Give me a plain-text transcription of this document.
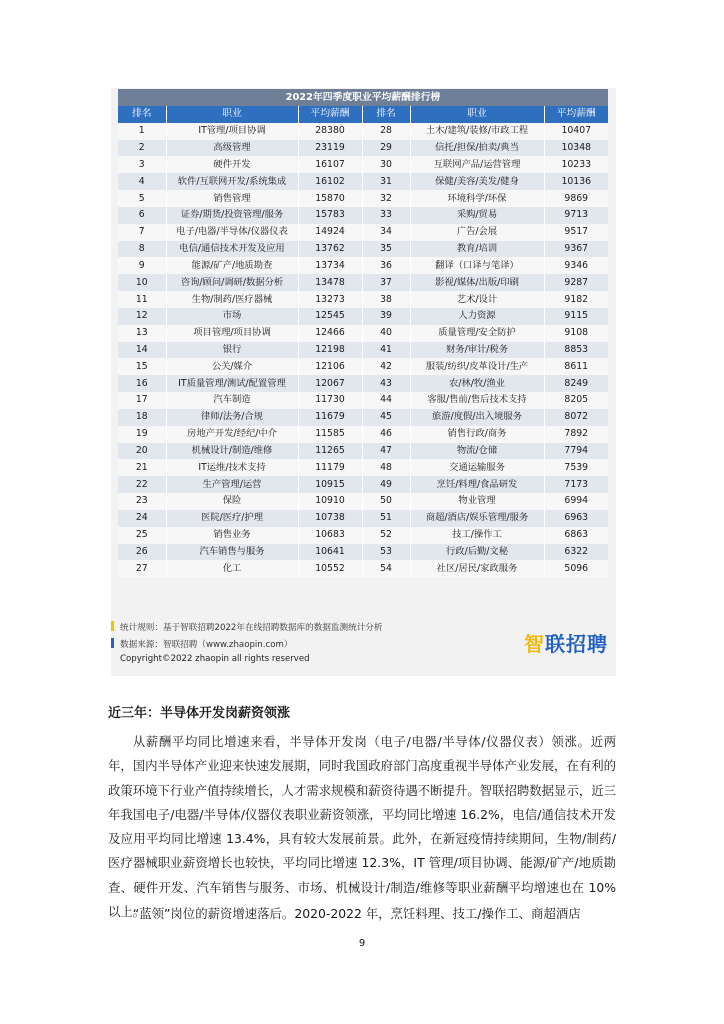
2022年四季度职业平均薪酬排行榜
排名	职业	平均薪酬	排名	职业	平均薪酬
1	IT管理/项目协调	28380	28	土木/建筑/装修/市政工程	10407
2	高级管理	23119	29	信托/担保/拍卖/典当	10348
3	硬件开发	16107	30	互联网产品/运营管理	10233
4	软件/互联网开发/系统集成	16102	31	保健/美容/美发/健身	10136
5	销售管理	15870	32	环境科学/环保	9869
6	证券/期货/投资管理/服务	15783	33	采购/贸易	9713
7	电子/电器/半导体/仪器仪表	14924	34	广告/会展	9517
8	电信/通信技术开发及应用	13762	35	教育/培训	9367
9	能源/矿产/地质勘查	13734	36	翻译（口译与笔译）	9346
10	咨询/顾问/调研/数据分析	13478	37	影视/媒体/出版/印刷	9287
11	生物/制药/医疗器械	13273	38	艺术/设计	9182
12	市场	12545	39	人力资源	9115
13	项目管理/项目协调	12466	40	质量管理/安全防护	9108
14	银行	12198	41	财务/审计/税务	8853
15	公关/媒介	12106	42	服装/纺织/皮革设计/生产	8611
16	IT质量管理/测试/配置管理	12067	43	农/林/牧/渔业	8249
17	汽车制造	11730	44	客服/售前/售后技术支持	8205
18	律师/法务/合规	11679	45	旅游/度假/出入境服务	8072
19	房地产开发/经纪/中介	11585	46	销售行政/商务	7892
20	机械设计/制造/维修	11265	47	物流/仓储	7794
21	IT运维/技术支持	11179	48	交通运输服务	7539
22	生产管理/运营	10915	49	烹饪/料理/食品研发	7173
23	保险	10910	50	物业管理	6994
24	医院/医疗/护理	10738	51	商超/酒店/娱乐管理/服务	6963
25	销售业务	10683	52	技工/操作工	6863
26	汽车销售与服务	10641	53	行政/后勤/文秘	6322
27	化工	10552	54	社区/居民/家政服务	5096
统计规则：基于智联招聘2022年在线招聘数据库的数据监测统计分析
数据来源：智联招聘（www.zhaopin.com）	智联招聘
Copyright©2022 zhaopin all rights reserved
近三年：半导体开发岗薪资领涨

从薪酬平均同比增速来看，半导体开发岗（电子/电器/半导体/仪器仪表）领涨。近两年，国内半导体产业迎来快速发展期，同时我国政府部门高度重视半导体产业发展，在有利的政策环境下行业产值持续增长，人才需求规模和薪资待遇不断提升。智联招聘数据显示，近三年我国电子/电器/半导体/仪器仪表职业薪资领涨，平均同比增速 16.2%，电信/通信技术开发及应用平均同比增速 13.4%，具有较大发展前景。此外，在新冠疫情持续期间，生物/制药/医疗器械职业薪资增长也较快，平均同比增速 12.3%，IT 管理/项目协调、能源/矿产/地质勘查、硬件开发、汽车销售与服务、市场、机械设计/制造/维修等职业薪酬平均增速也在 10%以上。

“蓝领”岗位的薪资增速落后。2020-2022 年，烹饪料理、技工/操作工、商超酒店

9
